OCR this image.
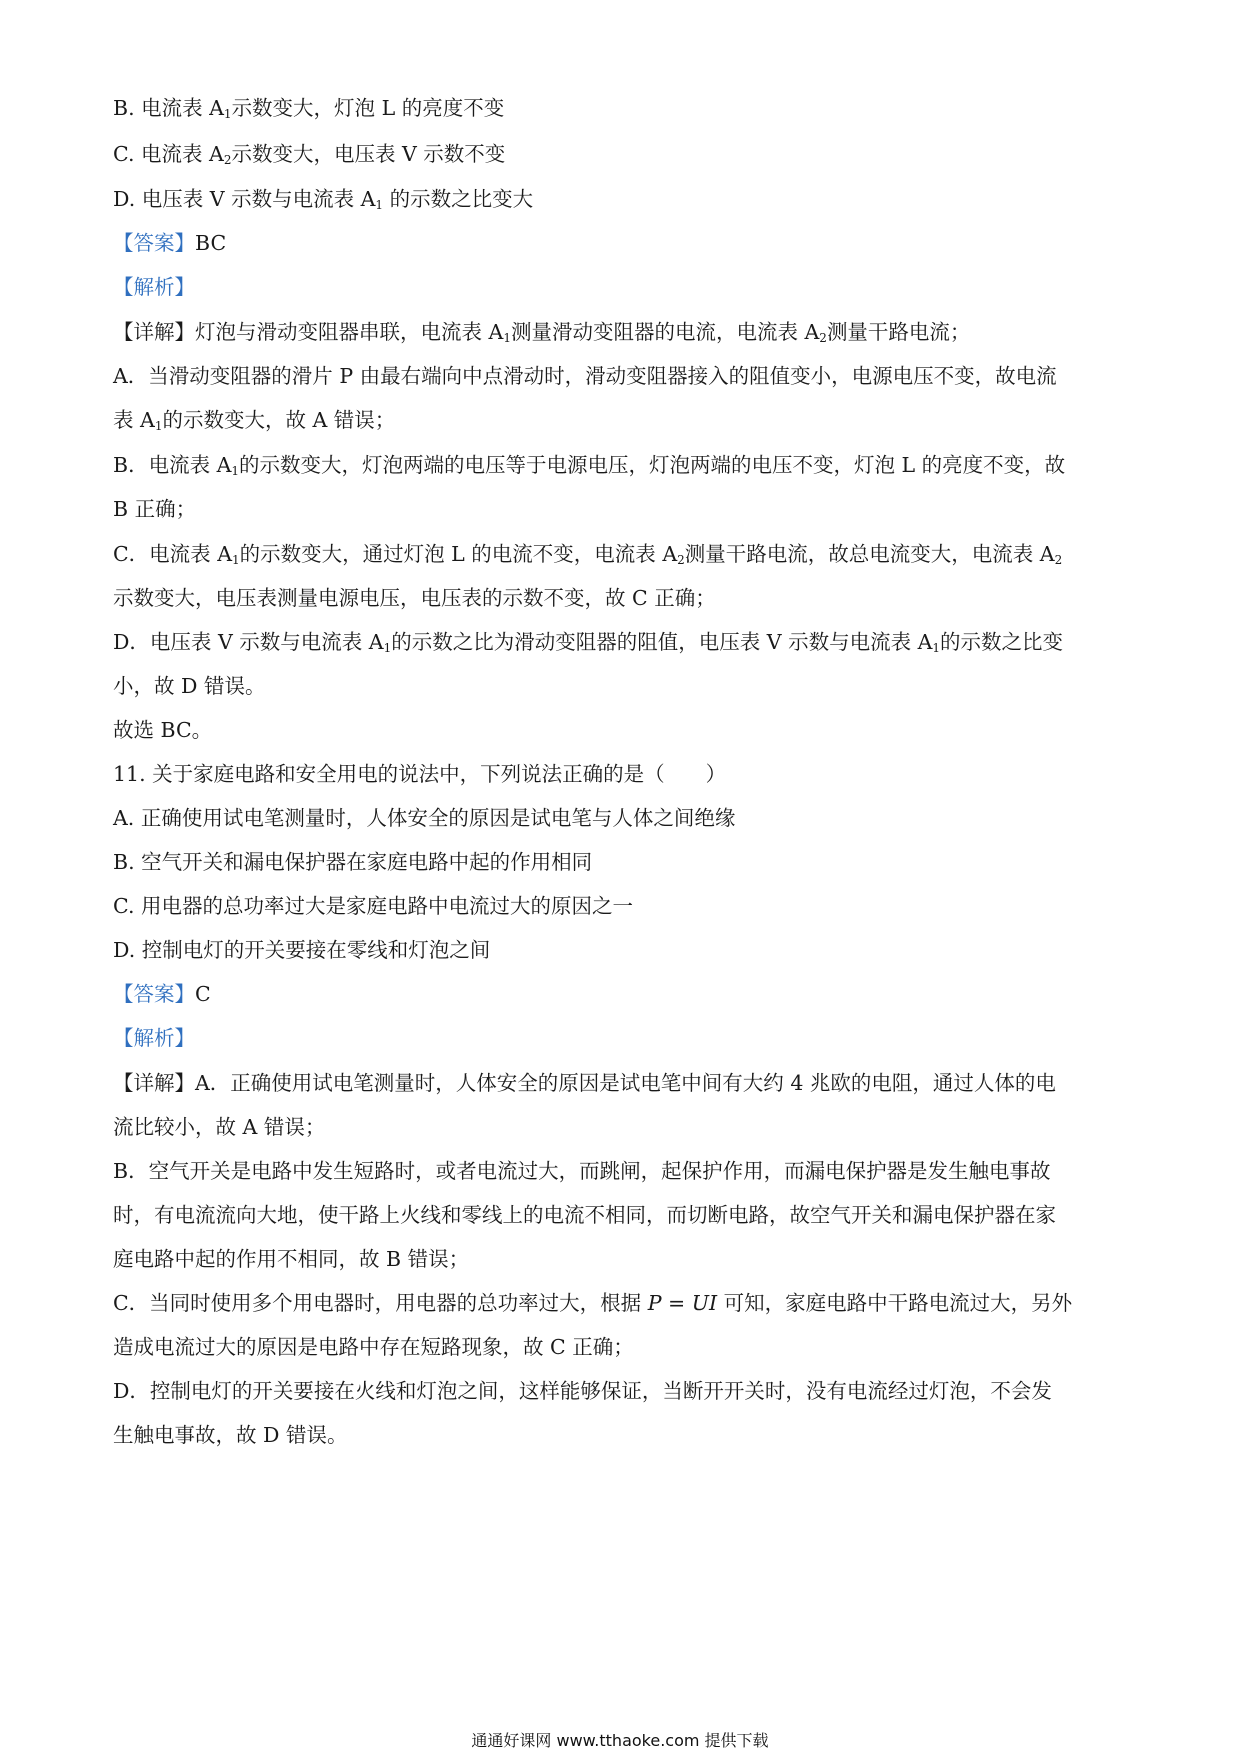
B. 电流表 $A_1$示数变大，灯泡 L 的亮度不变
C. 电流表 $A_2$示数变大，电压表 V 示数不变
D. 电压表 V 示数与电流表 $A_1$ 的示数之比变大
【答案】BC
【解析】
【详解】灯泡与滑动变阻器串联，电流表 $A_1$测量滑动变阻器的电流，电流表 $A_2$测量干路电流；
A．当滑动变阻器的滑片 P 由最右端向中点滑动时，滑动变阻器接入的阻值变小，电源电压不变，故电流
表 $A_1$的示数变大，故 A 错误；
B．电流表 $A_1$的示数变大，灯泡两端的电压等于电源电压，灯泡两端的电压不变，灯泡 L 的亮度不变，故
B 正确；
C．电流表 $A_1$的示数变大，通过灯泡 L 的电流不变，电流表 $A_2$测量干路电流，故总电流变大，电流表 $A_2$
示数变大，电压表测量电源电压，电压表的示数不变，故 C 正确；
D．电压表 V 示数与电流表 $A_1$的示数之比为滑动变阻器的阻值，电压表 V 示数与电流表 $A_1$的示数之比变
小，故 D 错误。
故选 BC。
11. 关于家庭电路和安全用电的说法中，下列说法正确的是（　　）
A. 正确使用试电笔测量时，人体安全的原因是试电笔与人体之间绝缘
B. 空气开关和漏电保护器在家庭电路中起的作用相同
C. 用电器的总功率过大是家庭电路中电流过大的原因之一
D. 控制电灯的开关要接在零线和灯泡之间
【答案】C
【解析】
【详解】A．正确使用试电笔测量时，人体安全的原因是试电笔中间有大约 4 兆欧的电阻，通过人体的电
流比较小，故 A 错误；
B．空气开关是电路中发生短路时，或者电流过大，而跳闸，起保护作用，而漏电保护器是发生触电事故
时，有电流流向大地，使干路上火线和零线上的电流不相同，而切断电路，故空气开关和漏电保护器在家
庭电路中起的作用不相同，故 B 错误；
C．当同时使用多个用电器时，用电器的总功率过大，根据 P = UI 可知，家庭电路中干路电流过大，另外
造成电流过大的原因是电路中存在短路现象，故 C 正确；
D．控制电灯的开关要接在火线和灯泡之间，这样能够保证，当断开开关时，没有电流经过灯泡，不会发
生触电事故，故 D 错误。
通通好课网 www.tthaoke.com 提供下载
